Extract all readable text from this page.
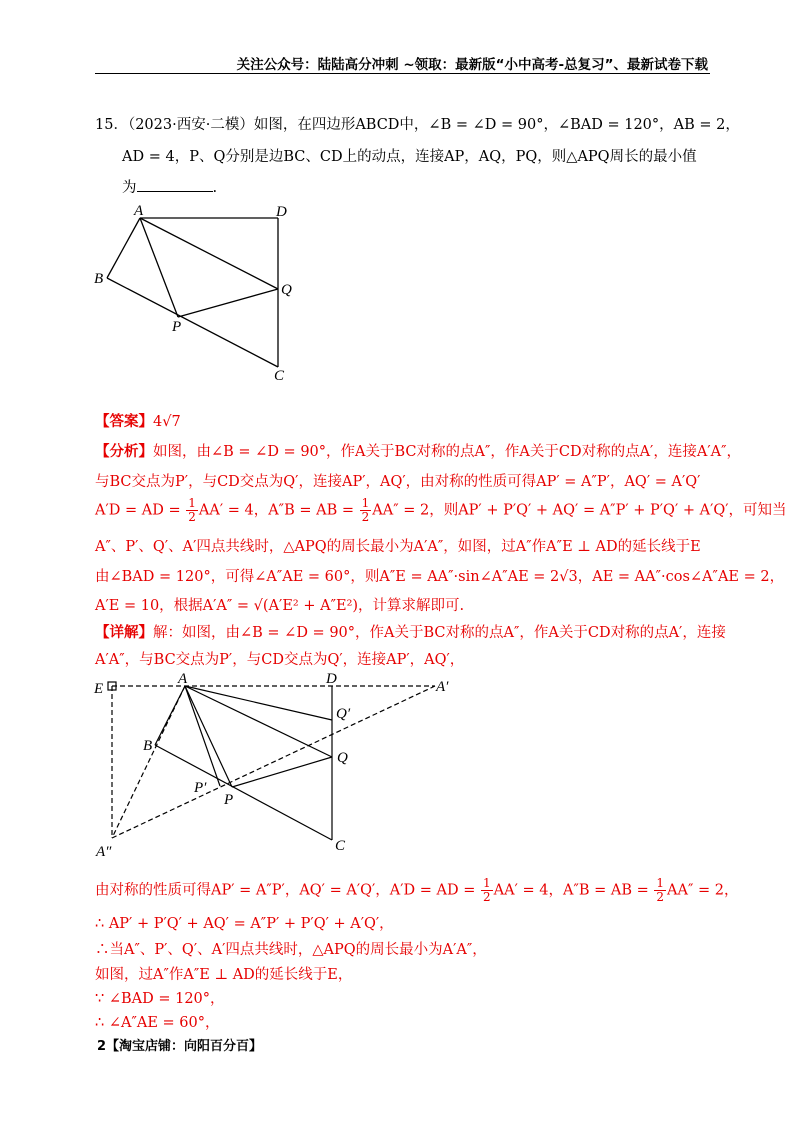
关注公众号：陆陆高分冲刺 ~领取：最新版“小中高考-总复习”、最新试卷下载
15．（2023·西安·二模）如图，在四边形ABCD中，∠B = ∠D = 90°，∠BAD = 120°，AB = 2，
AD = 4，P、Q分别是边BC、CD上的动点，连接AP，AQ，PQ，则△APQ周长的最小值
为	.
A	D
B
Q
P
C
【答案】4√7
【分析】如图，由∠B = ∠D = 90°，作A关于BC对称的点A″，作A关于CD对称的点A′，连接A′A″，
与BC交点为P′，与CD交点为Q′，连接AP′，AQ′，由对称的性质可得AP′ = A″P′，AQ′ = A′Q′
A′D = AD = $\frac{1}{2} AA' = 4$，A″B = AB = $\frac{1}{2} AA'' = 2$，则AP′ + P′Q′ + AQ′ = A″P′ + P′Q′ + A′Q′，可知当
A″、P′、Q′、A′四点共线时，△APQ的周长最小为A′A″，如图，过A″作A″E ⊥ AD的延长线于E
由∠BAD = 120°，可得∠A″AE = 60°，则A″E = AA″·sin∠A″AE = 2√3，AE = AA″·cos∠A″AE = 2，
A′E = 10，根据A′A″ = √(A′E² + A″E²)，计算求解即可.
【详解】解：如图，由∠B = ∠D = 90°，作A关于BC对称的点A″，作A关于CD对称的点A′，连接
A′A″，与BC交点为P′，与CD交点为Q′，连接AP′，AQ′，
E
A	D	A′
Q′
B
Q
P′
P
A″	C
由对称的性质可得AP′ = A″P′，AQ′ = A′Q′，A′D = AD = $\frac{1}{2} AA' = 4$，A″B = AB = $\frac{1}{2} AA'' = 2$，
∴ AP′ + P′Q′ + AQ′ = A″P′ + P′Q′ + A′Q′，
∴当A″、P′、Q′、A′四点共线时，△APQ的周长最小为A′A″，
如图，过A″作A″E ⊥ AD的延长线于E，
∵ ∠BAD = 120°，
∴ ∠A″AE = 60°，
2【淘宝店铺：向阳百分百】
